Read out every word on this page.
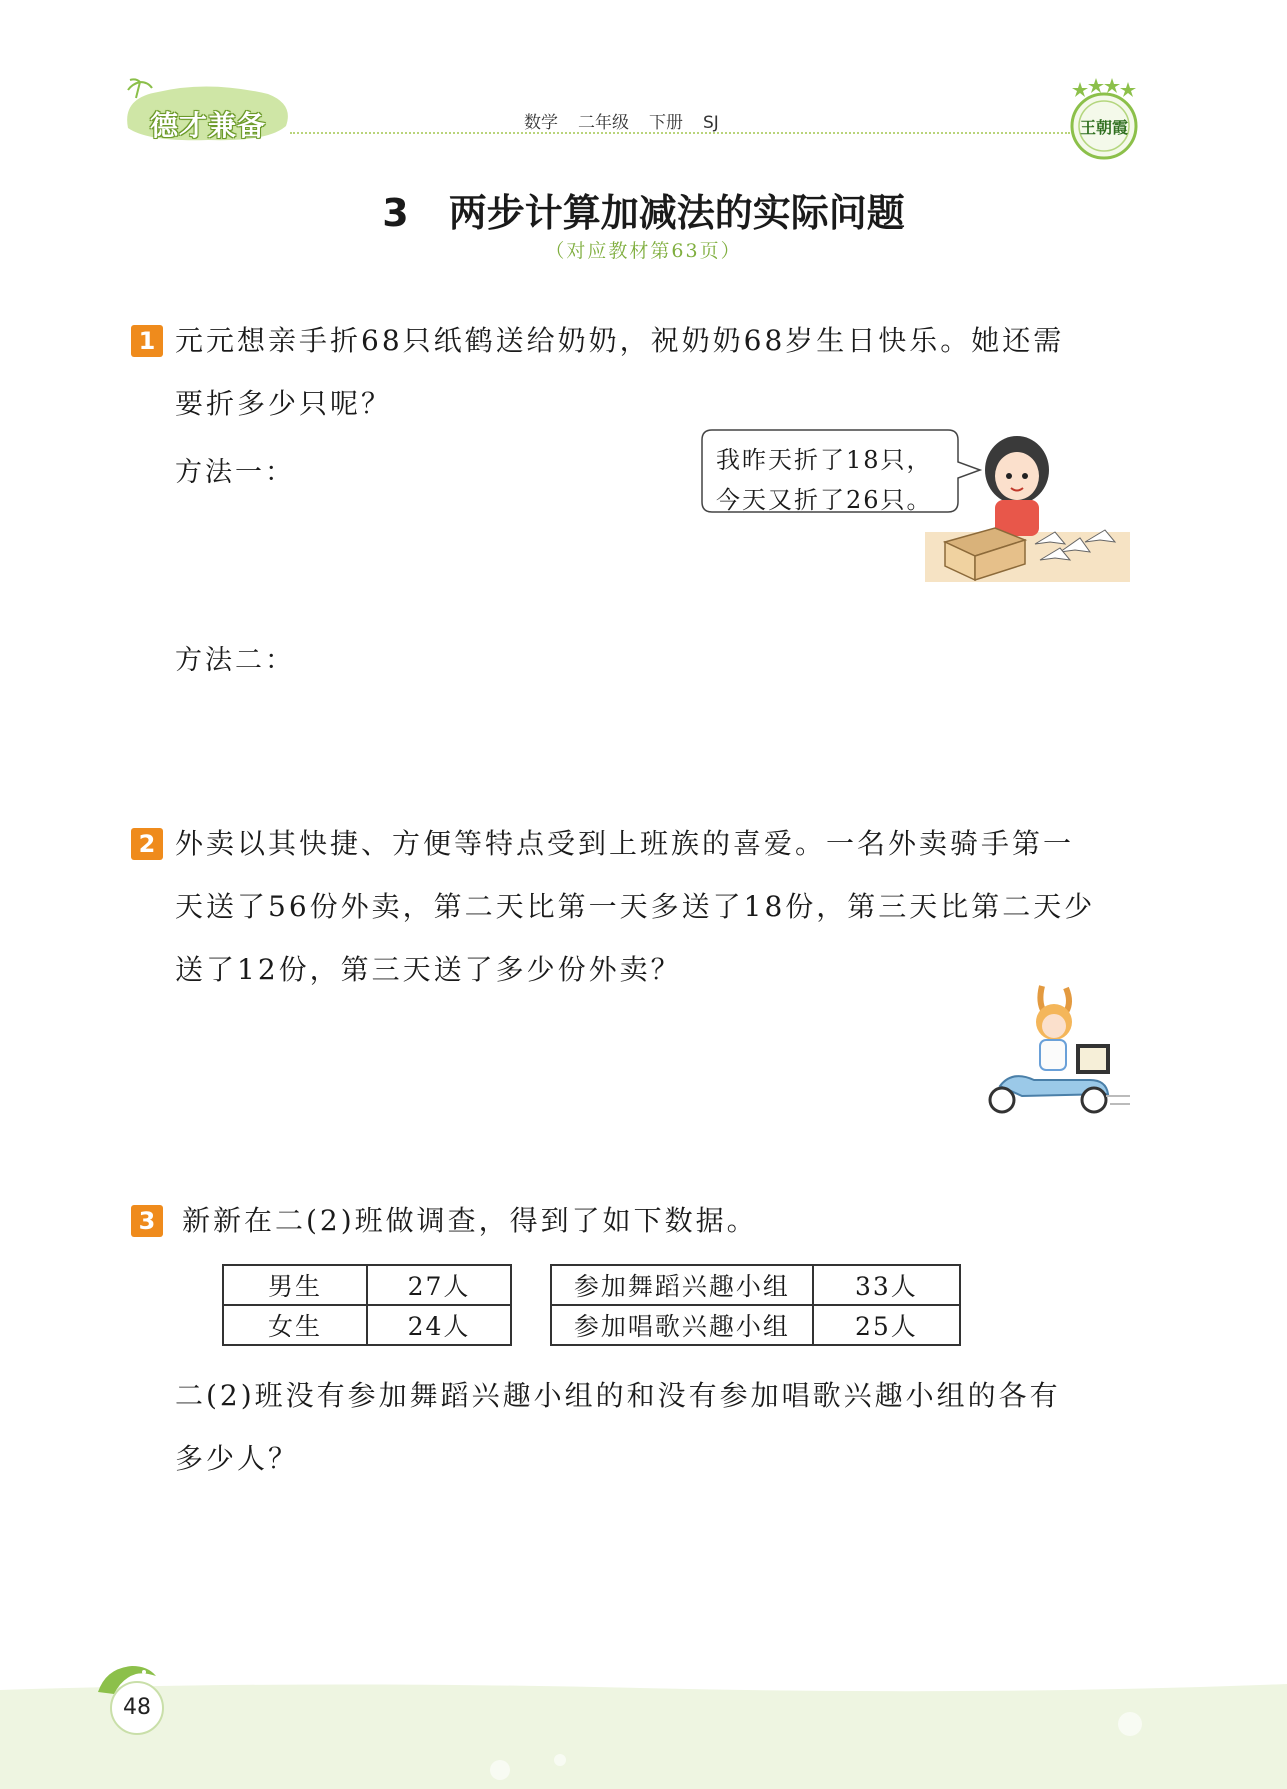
德才兼备	数学 二年级 下册 SJ	王朝霞
3 两步计算加减法的实际问题
（对应教材第63页）
1 元元想亲手折68只纸鹤送给奶奶，祝奶奶68岁生日快乐。她还需
要折多少只呢？
方法一：
方法二：
我昨天折了18只，
今天又折了26只。
2 外卖以其快捷、方便等特点受到上班族的喜爱。一名外卖骑手第一
天送了56份外卖，第二天比第一天多送了18份，第三天比第二天少
送了12份，第三天送了多少份外卖？
3 新新在二(2)班做调查，得到了如下数据。
男生	27人
女生	24人
参加舞蹈兴趣小组	33人
参加唱歌兴趣小组	25人
二(2)班没有参加舞蹈兴趣小组的和没有参加唱歌兴趣小组的各有
多少人？
48
